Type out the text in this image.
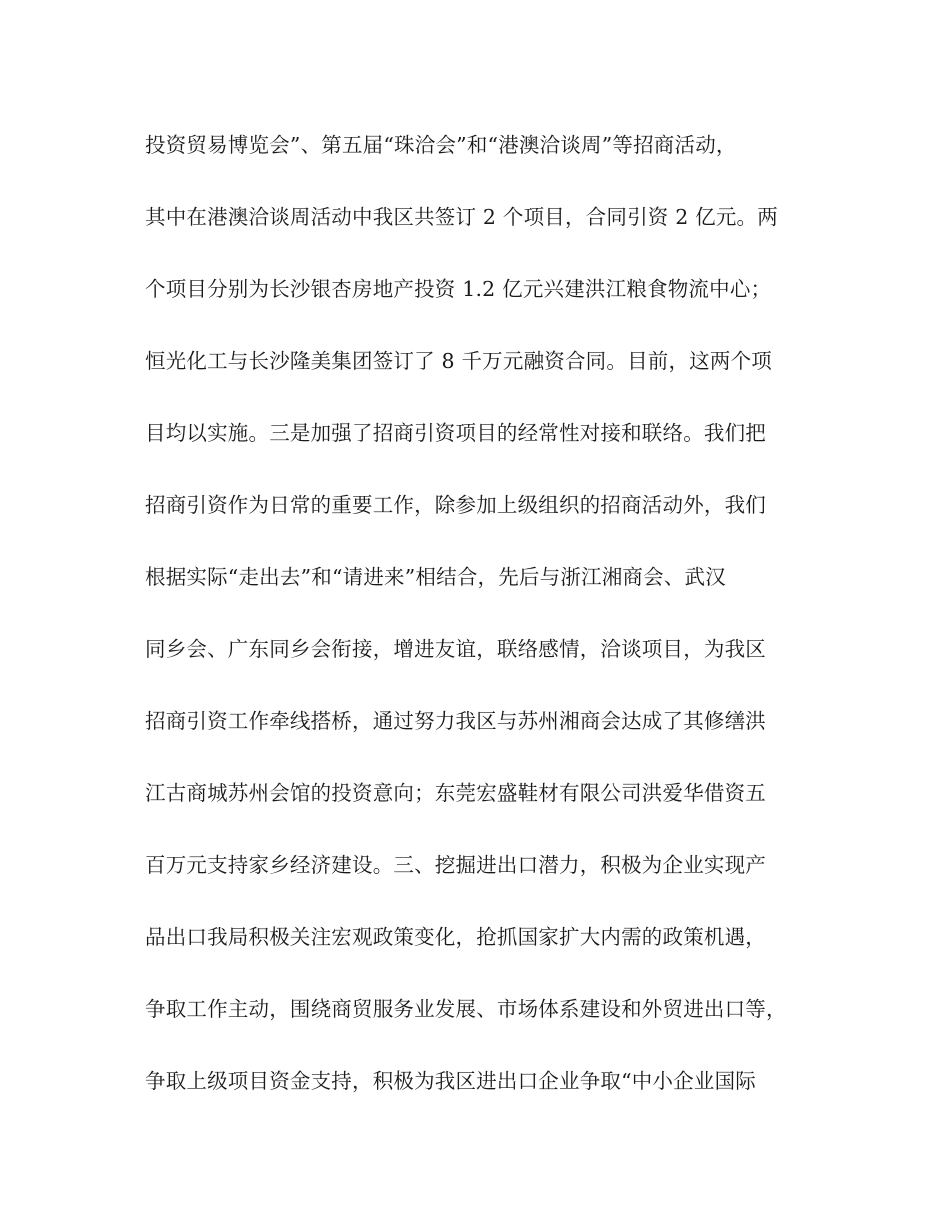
投资贸易博览会”、第五届“珠洽会”和“港澳洽谈周”等招商活动，
其中在港澳洽谈周活动中我区共签订 2 个项目，合同引资 2 亿元。两
个项目分别为长沙银杏房地产投资 1.2 亿元兴建洪江粮食物流中心；
恒光化工与长沙隆美集团签订了 8 千万元融资合同。目前，这两个项
目均以实施。三是加强了招商引资项目的经常性对接和联络。我们把
招商引资作为日常的重要工作，除参加上级组织的招商活动外，我们
根据实际“走出去”和“请进来”相结合，先后与浙江湘商会、武汉
同乡会、广东同乡会衔接，增进友谊，联络感情，洽谈项目，为我区
招商引资工作牵线搭桥，通过努力我区与苏州湘商会达成了其修缮洪
江古商城苏州会馆的投资意向；东莞宏盛鞋材有限公司洪爱华借资五
百万元支持家乡经济建设。三、挖掘进出口潜力，积极为企业实现产
品出口我局积极关注宏观政策变化，抢抓国家扩大内需的政策机遇，
争取工作主动，围绕商贸服务业发展、市场体系建设和外贸进出口等，
争取上级项目资金支持，积极为我区进出口企业争取“中小企业国际
